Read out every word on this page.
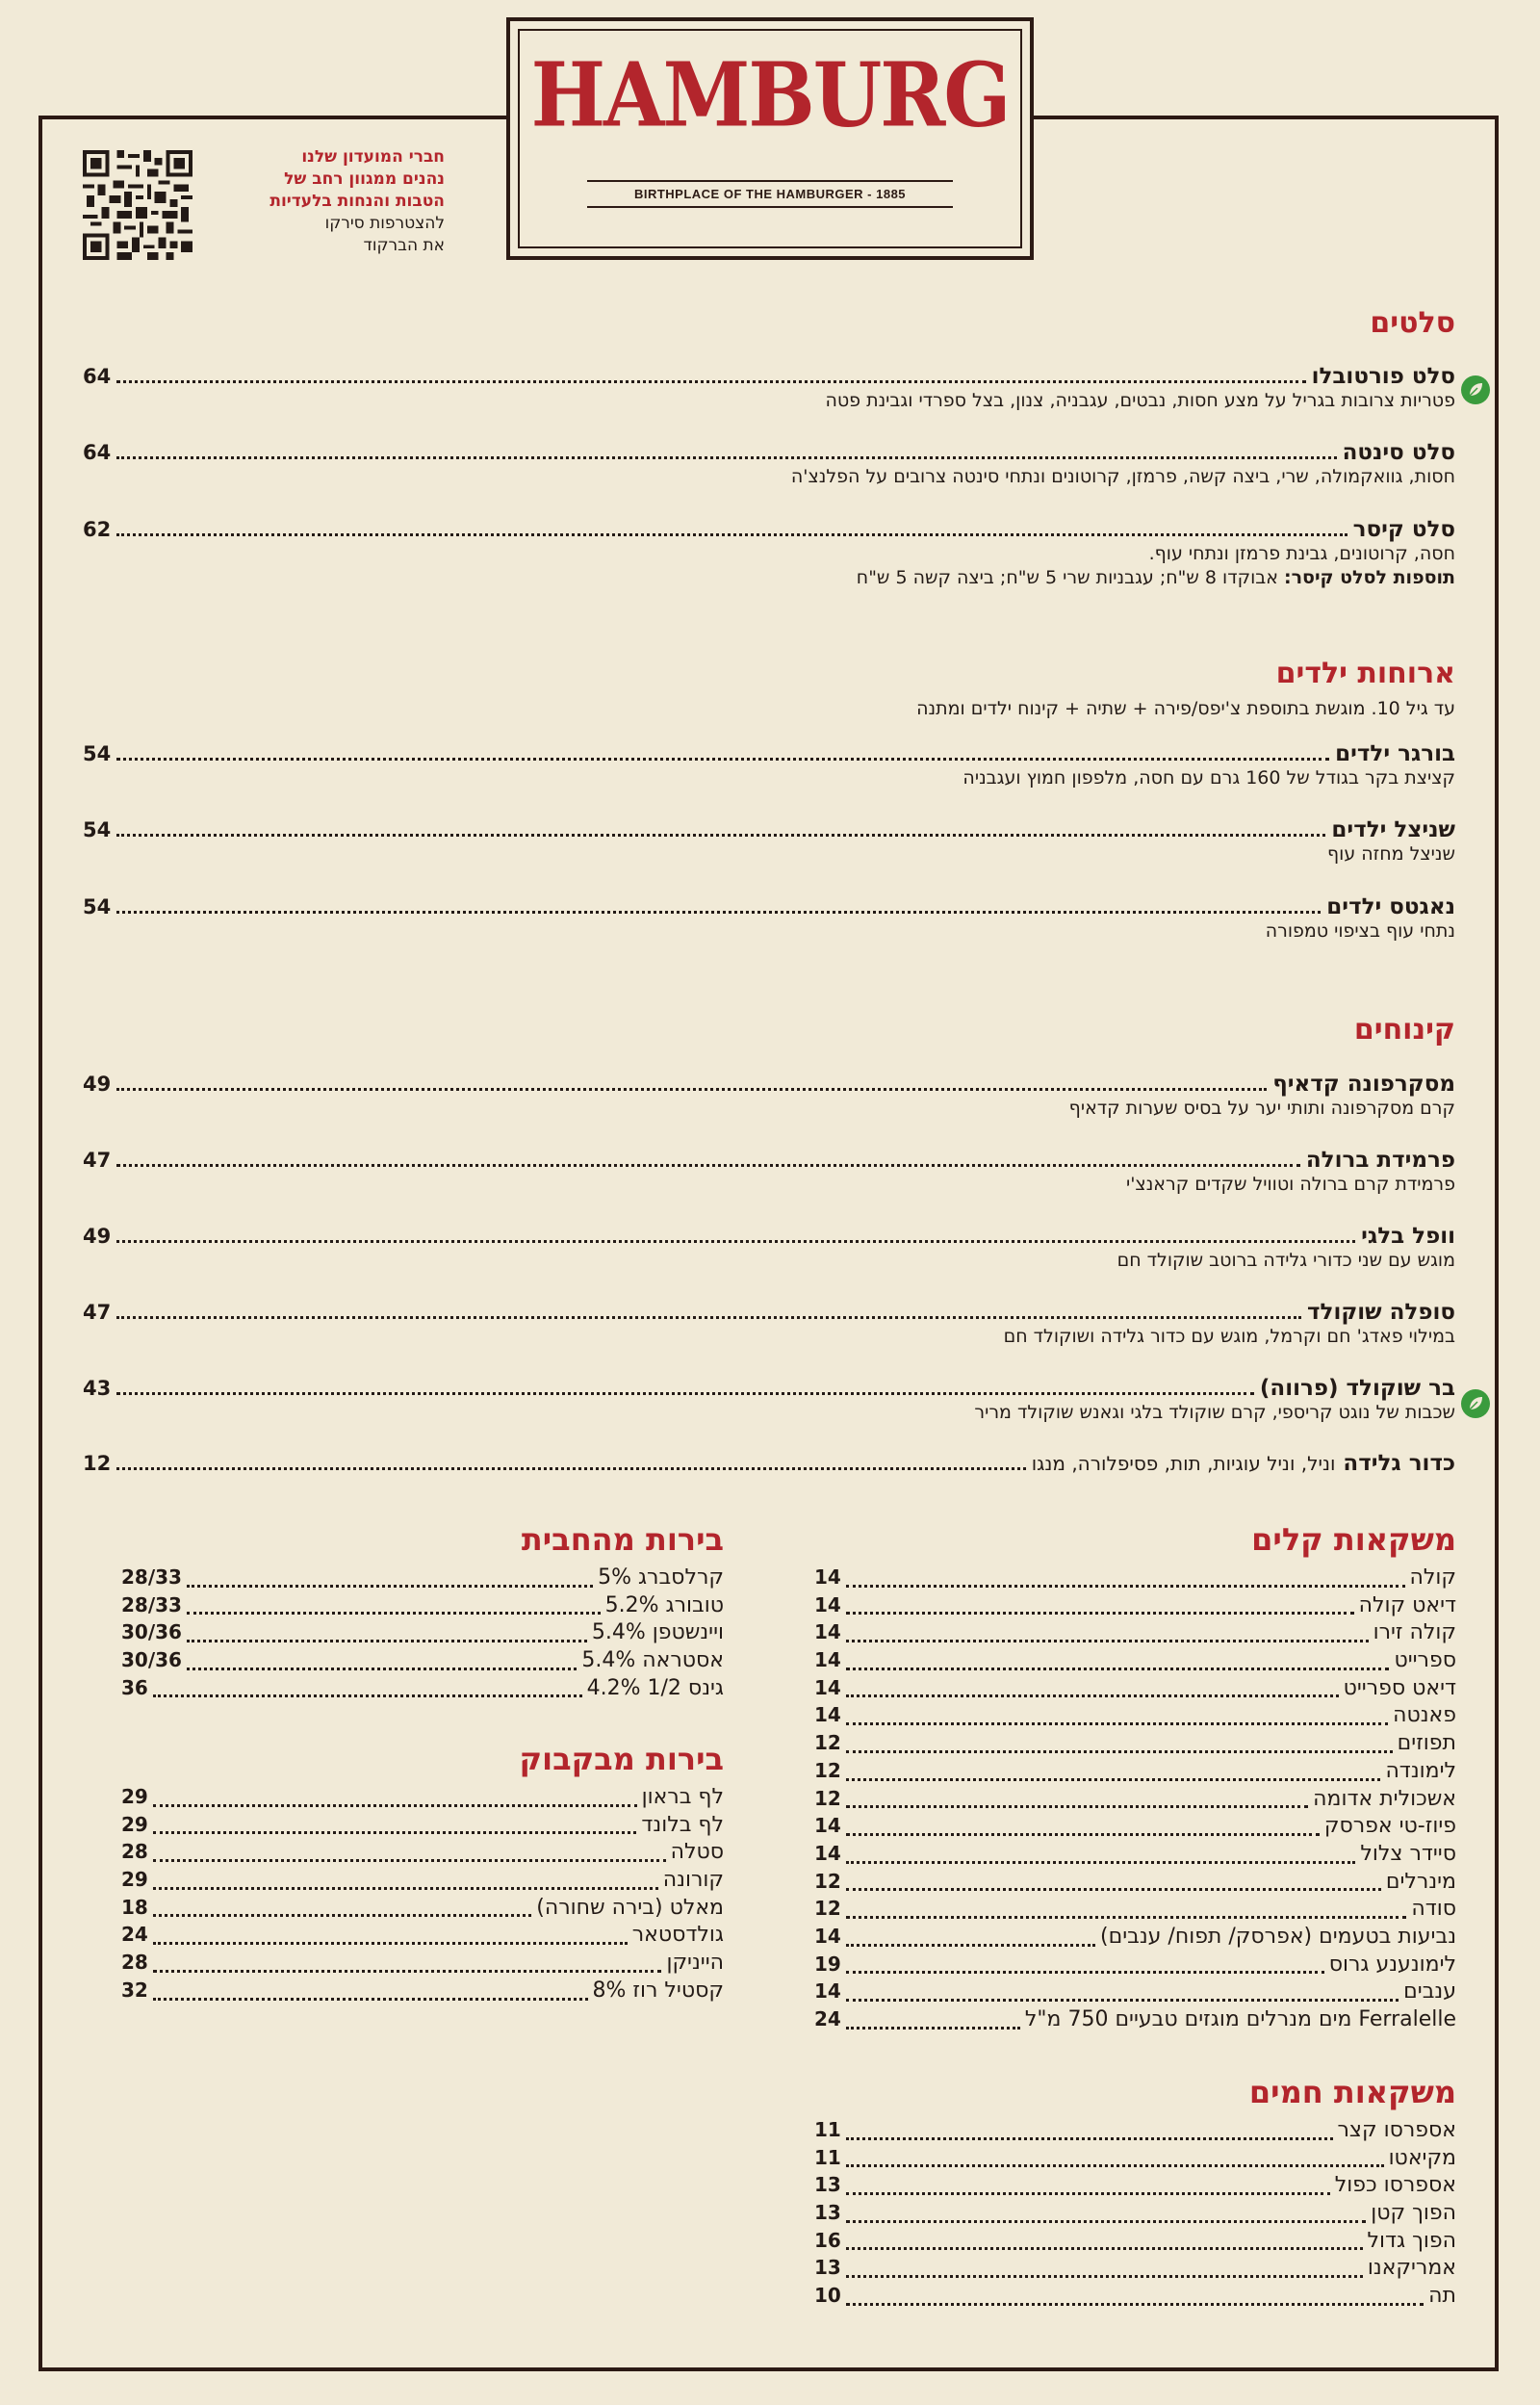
HAMBURG
BIRTHPLACE OF THE HAMBURGER - 1885
חברי המועדון שלנו
נהנים ממגוון רחב של
הטבות והנחות בלעדיות
להצטרפות סירקו
את הברקוד
סלטים
סלט פורטובלו
64
פטריות צרובות בגריל על מצע חסות, נבטים, עגבניה, צנון, בצל ספרדי וגבינת פטה
סלט סינטה
64
חסות, גוואקמולה, שרי, ביצה קשה, פרמזן, קרוטונים ונתחי סינטה צרובים על הפלנצ'ה
סלט קיסר
62
חסה, קרוטונים, גבינת פרמזן ונתחי עוף.
תוספות לסלט קיסר: אבוקדו 8 ש"ח; עגבניות שרי 5 ש"ח; ביצה קשה 5 ש"ח
ארוחות ילדים
עד גיל 10. מוגשת בתוספת צ'יפס/פירה + שתיה + קינוח ילדים ומתנה
בורגר ילדים
54
קציצת בקר בגודל של 160 גרם עם חסה, מלפפון חמוץ ועגבניה
שניצל ילדים
54
שניצל מחזה עוף
נאגטס ילדים
54
נתחי עוף בציפוי טמפורה
קינוחים
מסקרפונה קדאיף
49
קרם מסקרפונה ותותי יער על בסיס שערות קדאיף
פרמידת ברולה
47
פרמידת קרם ברולה וטוויל שקדים קראנצ'י
וופל בלגי
49
מוגש עם שני כדורי גלידה ברוטב שוקולד חם
סופלה שוקולד
47
במילוי פאדג' חם וקרמל, מוגש עם כדור גלידה ושוקולד חם
בר שוקולד (פרווה)
43
שכבות של נוגט קריספי, קרם שוקולד בלגי וגאנש שוקולד מריר
כדור גלידה
וניל, וניל עוגיות, תות, פסיפלורה, מנגו
12
משקאות קלים
קולה
14
דיאט קולה
14
קולה זירו
14
ספרייט
14
דיאט ספרייט
14
פאנטה
14
תפוזים
12
לימונדה
12
אשכולית אדומה
12
פיוז-טי אפרסק
14
סיידר צלול
14
מינרלים
12
סודה
12
נביעות בטעמים (אפרסק/ תפוח/ ענבים)
14
לימונענע גרוס
19
ענבים
14
Ferralelle מים מנרלים מוגזים טבעיים 750 מ"ל
24
משקאות חמים
אספרסו קצר
11
מקיאטו
11
אספרסו כפול
13
הפוך קטן
13
הפוך גדול
16
אמריקאנו
13
תה
10
בירות מהחבית
קרלסברג 5%
28/33
טובורג 5.2%
28/33
ויינשטפן 5.4%
30/36
אסטראה 5.4%
30/36
גינס 1/2 4.2%
36
בירות מבקבוק
לף בראון
29
לף בלונד
29
סטלה
28
קורונה
29
מאלט (בירה שחורה)
18
גולדסטאר
24
הייניקן
28
קסטיל רוז 8%
32
